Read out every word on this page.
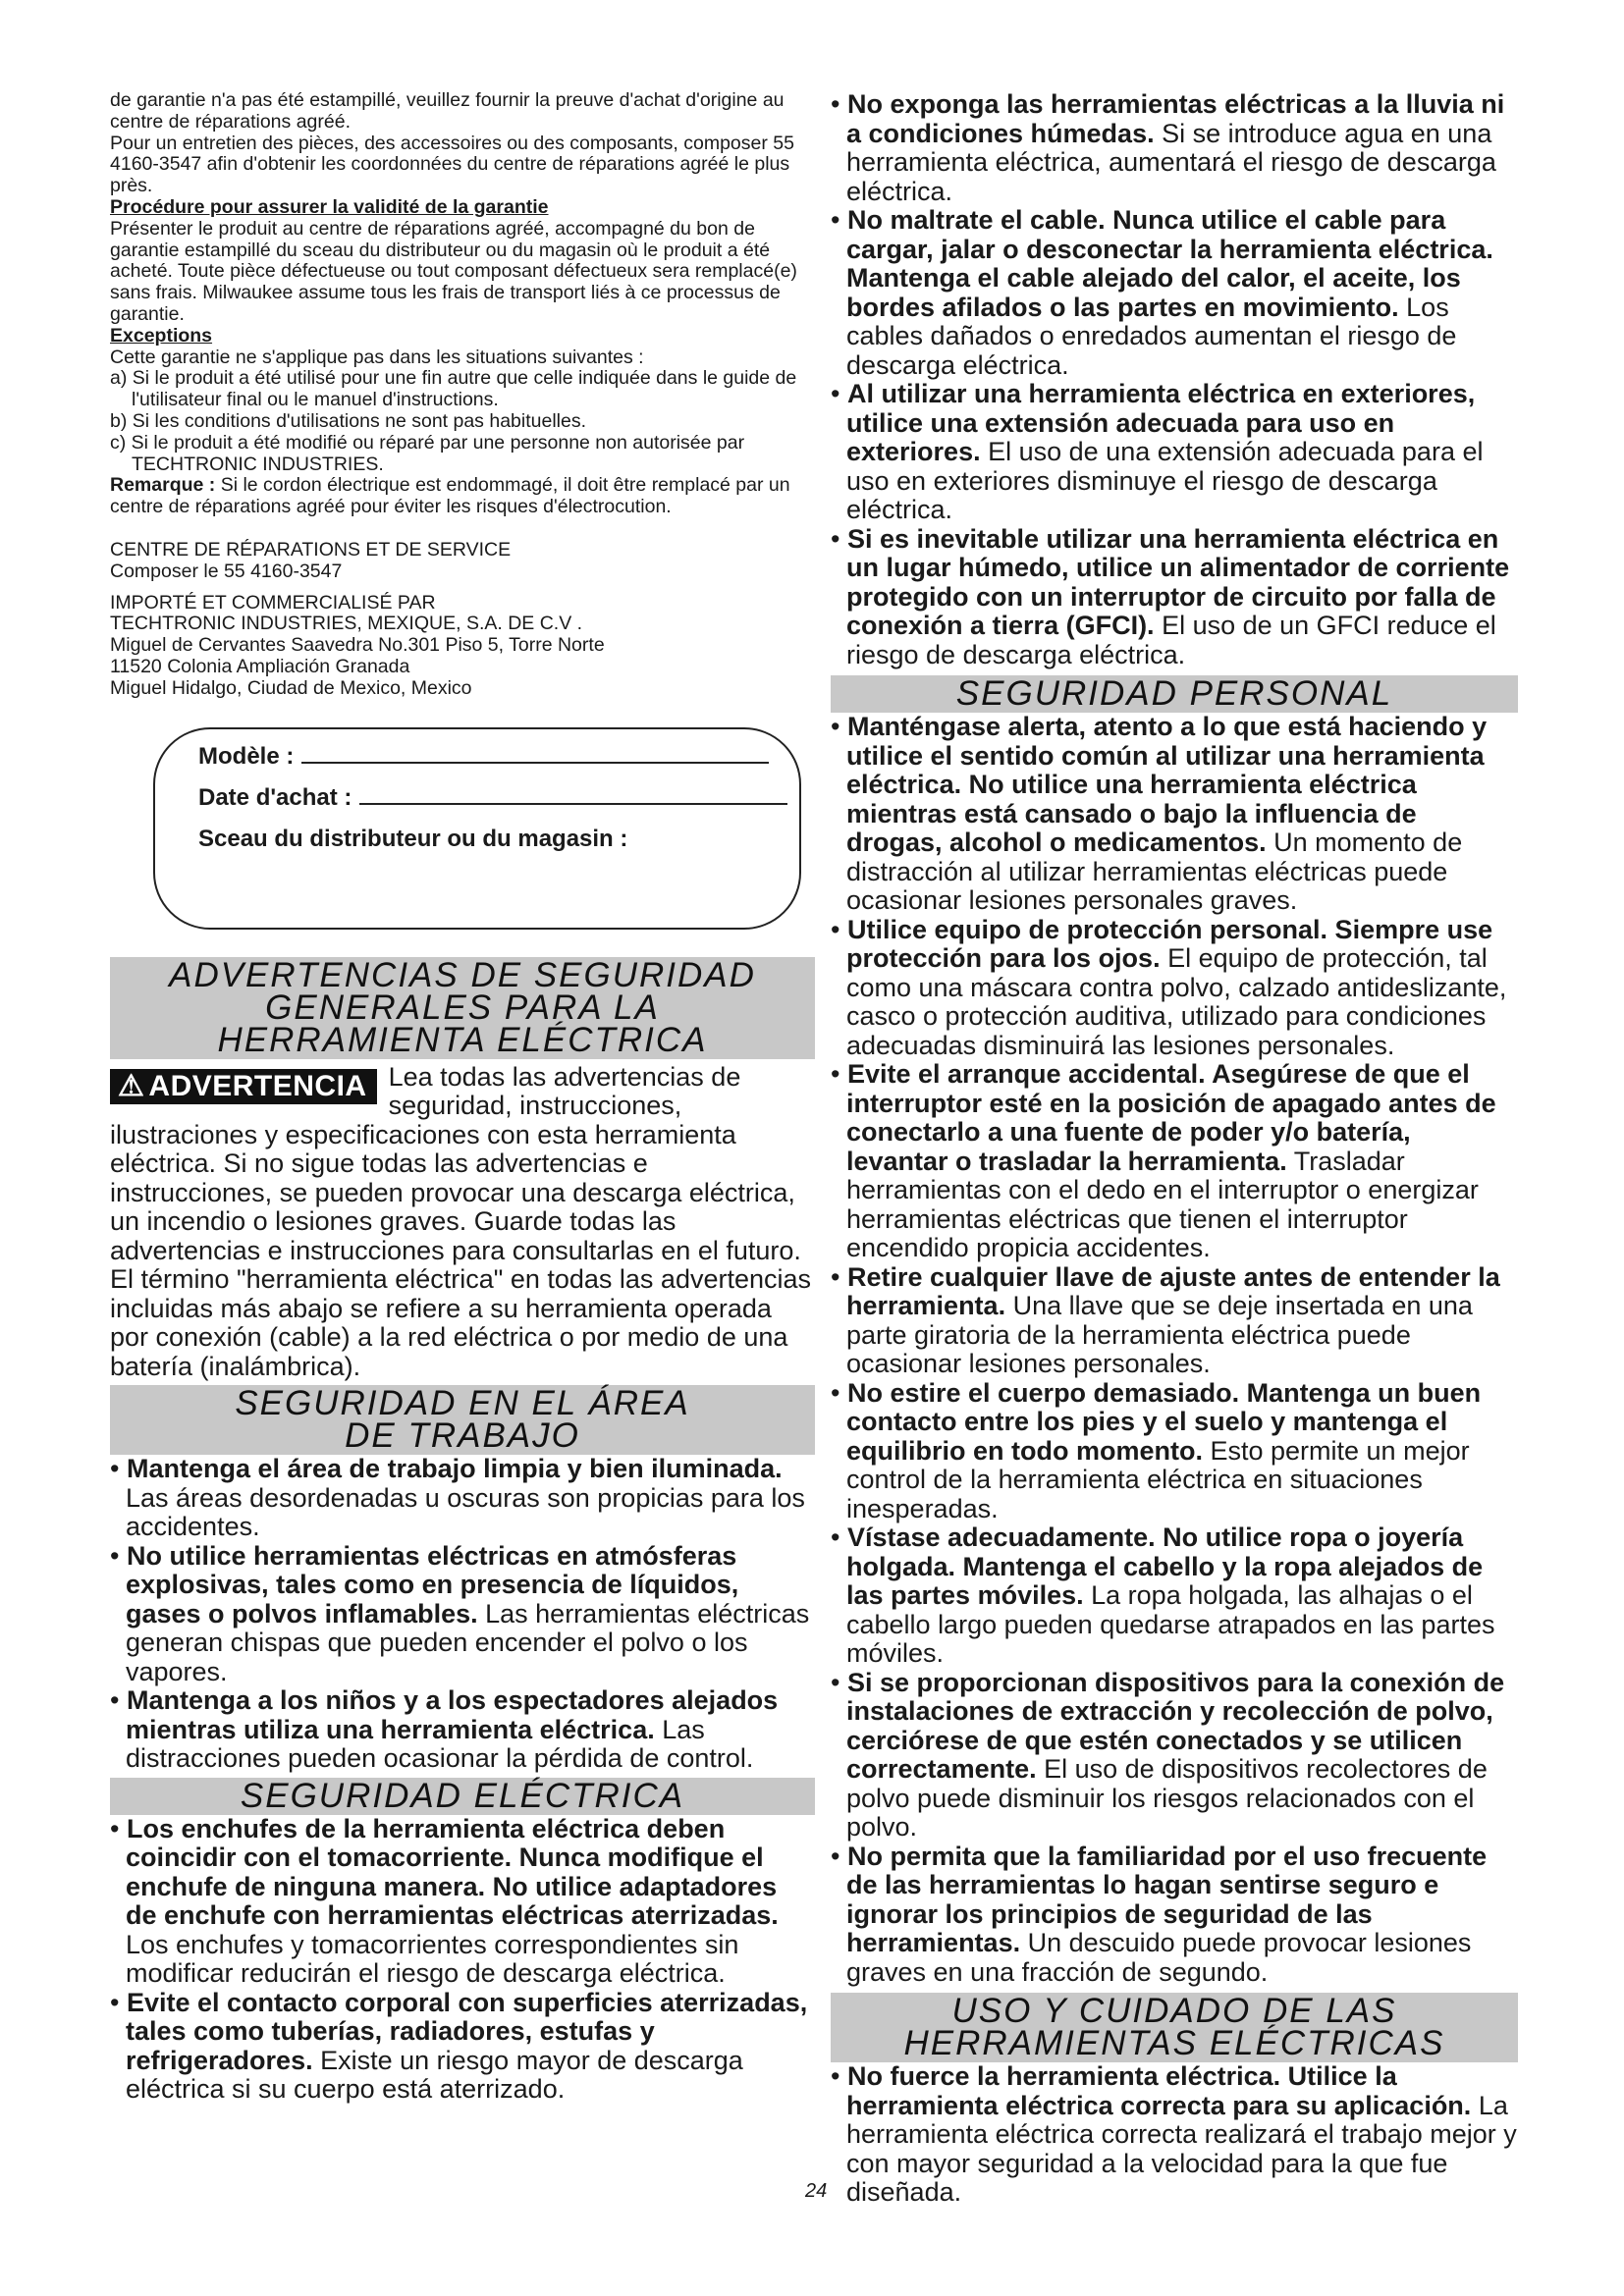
de garantie n'a pas été estampillé, veuillez fournir la preuve d'achat d'origine au centre de réparations agréé.

Pour un entretien des pièces, des accessoires ou des composants, composer 55 4160-3547 afin d'obtenir les coordonnées du centre de réparations agréé le plus près.

Procédure pour assurer la validité de la garantie

Présenter le produit au centre de réparations agréé, accompagné du bon de garantie estampillé du sceau du distributeur ou du magasin où le produit a été acheté. Toute pièce défectueuse ou tout composant défectueux sera remplacé(e) sans frais. Milwaukee assume tous les frais de transport liés à ce processus de garantie.

Exceptions

Cette garantie ne s'applique pas dans les situations suivantes :

a) Si le produit a été utilisé pour une fin autre que celle indiquée dans le guide de l'utilisateur final ou le manuel d'instructions.

b) Si les conditions d'utilisations ne sont pas habituelles.

c) Si le produit a été modifié ou réparé par une personne non autorisée par TECHTRONIC INDUSTRIES.

Remarque : Si le cordon électrique est endommagé, il doit être remplacé par un centre de réparations agréé pour éviter les risques d'électrocution.

CENTRE DE RÉPARATIONS ET DE SERVICE

Composer le 55 4160-3547

IMPORTÉ ET COMMERCIALISÉ PAR

TECHTRONIC INDUSTRIES, MEXIQUE, S.A. DE C.V .

Miguel de Cervantes Saavedra No.301 Piso 5, Torre Norte

11520 Colonia Ampliación Granada

Miguel Hidalgo, Ciudad de Mexico, Mexico

Modèle :
Date d'achat :
Sceau du distributeur ou du magasin :
ADVERTENCIAS DE SEGURIDAD
GENERALES PARA LA
HERRAMIENTA ELÉCTRICA
⚠ ADVERTENCIA Lea todas las advertencias de seguridad, instrucciones, ilustraciones y especificaciones con esta herramienta eléctrica. Si no sigue todas las advertencias e instrucciones, se pueden provocar una descarga eléctrica, un incendio o lesiones graves. Guarde todas las advertencias e instrucciones para consultarlas en el futuro. El término "herramienta eléctrica" en todas las advertencias incluidas más abajo se refiere a su herramienta operada por conexión (cable) a la red eléctrica o por medio de una batería (inalámbrica).

SEGURIDAD EN EL ÁREA
DE TRABAJO

• Mantenga el área de trabajo limpia y bien iluminada. Las áreas desordenadas u oscuras son propicias para los accidentes.

• No utilice herramientas eléctricas en atmósferas explosivas, tales como en presencia de líquidos, gases o polvos inflamables. Las herramientas eléctricas generan chispas que pueden encender el polvo o los vapores.

• Mantenga a los niños y a los espectadores alejados mientras utiliza una herramienta eléctrica. Las distracciones pueden ocasionar la pérdida de control.

SEGURIDAD ELÉCTRICA

• Los enchufes de la herramienta eléctrica deben coincidir con el tomacorriente. Nunca modifique el enchufe de ninguna manera. No utilice adaptadores de enchufe con herramientas eléctricas aterrizadas. Los enchufes y tomacorrientes correspondientes sin modificar reducirán el riesgo de descarga eléctrica.

• Evite el contacto corporal con superficies aterrizadas, tales como tuberías, radiadores, estufas y refrigeradores. Existe un riesgo mayor de descarga eléctrica si su cuerpo está aterrizado.

• No exponga las herramientas eléctricas a la lluvia ni a condiciones húmedas. Si se introduce agua en una herramienta eléctrica, aumentará el riesgo de descarga eléctrica.

• No maltrate el cable. Nunca utilice el cable para cargar, jalar o desconectar la herramienta eléctrica. Mantenga el cable alejado del calor, el aceite, los bordes afilados o las partes en movimiento. Los cables dañados o enredados aumentan el riesgo de descarga eléctrica.

• Al utilizar una herramienta eléctrica en exteriores, utilice una extensión adecuada para uso en exteriores. El uso de una extensión adecuada para el uso en exteriores disminuye el riesgo de descarga eléctrica.

• Si es inevitable utilizar una herramienta eléctrica en un lugar húmedo, utilice un alimentador de corriente protegido con un interruptor de circuito por falla de conexión a tierra (GFCI). El uso de un GFCI reduce el riesgo de descarga eléctrica.

SEGURIDAD PERSONAL

• Manténgase alerta, atento a lo que está haciendo y utilice el sentido común al utilizar una herramienta eléctrica. No utilice una herramienta eléctrica mientras está cansado o bajo la influencia de drogas, alcohol o medicamentos. Un momento de distracción al utilizar herramientas eléctricas puede ocasionar lesiones personales graves.

• Utilice equipo de protección personal. Siempre use protección para los ojos. El equipo de protección, tal como una máscara contra polvo, calzado antideslizante, casco o protección auditiva, utilizado para condiciones adecuadas disminuirá las lesiones personales.

• Evite el arranque accidental. Asegúrese de que el interruptor esté en la posición de apagado antes de conectarlo a una fuente de poder y/o batería, levantar o trasladar la herramienta. Trasladar herramientas con el dedo en el interruptor o energizar herramientas eléctricas que tienen el interruptor encendido propicia accidentes.

• Retire cualquier llave de ajuste antes de entender la herramienta. Una llave que se deje insertada en una parte giratoria de la herramienta eléctrica puede ocasionar lesiones personales.

• No estire el cuerpo demasiado. Mantenga un buen contacto entre los pies y el suelo y mantenga el equilibrio en todo momento. Esto permite un mejor control de la herramienta eléctrica en situaciones inesperadas.

• Vístase adecuadamente. No utilice ropa o joyería holgada. Mantenga el cabello y la ropa alejados de las partes móviles. La ropa holgada, las alhajas o el cabello largo pueden quedarse atrapados en las partes móviles.

• Si se proporcionan dispositivos para la conexión de instalaciones de extracción y recolección de polvo, cerciórese de que estén conectados y se utilicen correctamente. El uso de dispositivos recolectores de polvo puede disminuir los riesgos relacionados con el polvo.

• No permita que la familiaridad por el uso frecuente de las herramientas lo hagan sentirse seguro e ignorar los principios de seguridad de las herramientas. Un descuido puede provocar lesiones graves en una fracción de segundo.

USO Y CUIDADO DE LAS
HERRAMIENTAS ELÉCTRICAS

• No fuerce la herramienta eléctrica. Utilice la herramienta eléctrica correcta para su aplicación. La herramienta eléctrica correcta realizará el trabajo mejor y con mayor seguridad a la velocidad para la que fue diseñada.

24
